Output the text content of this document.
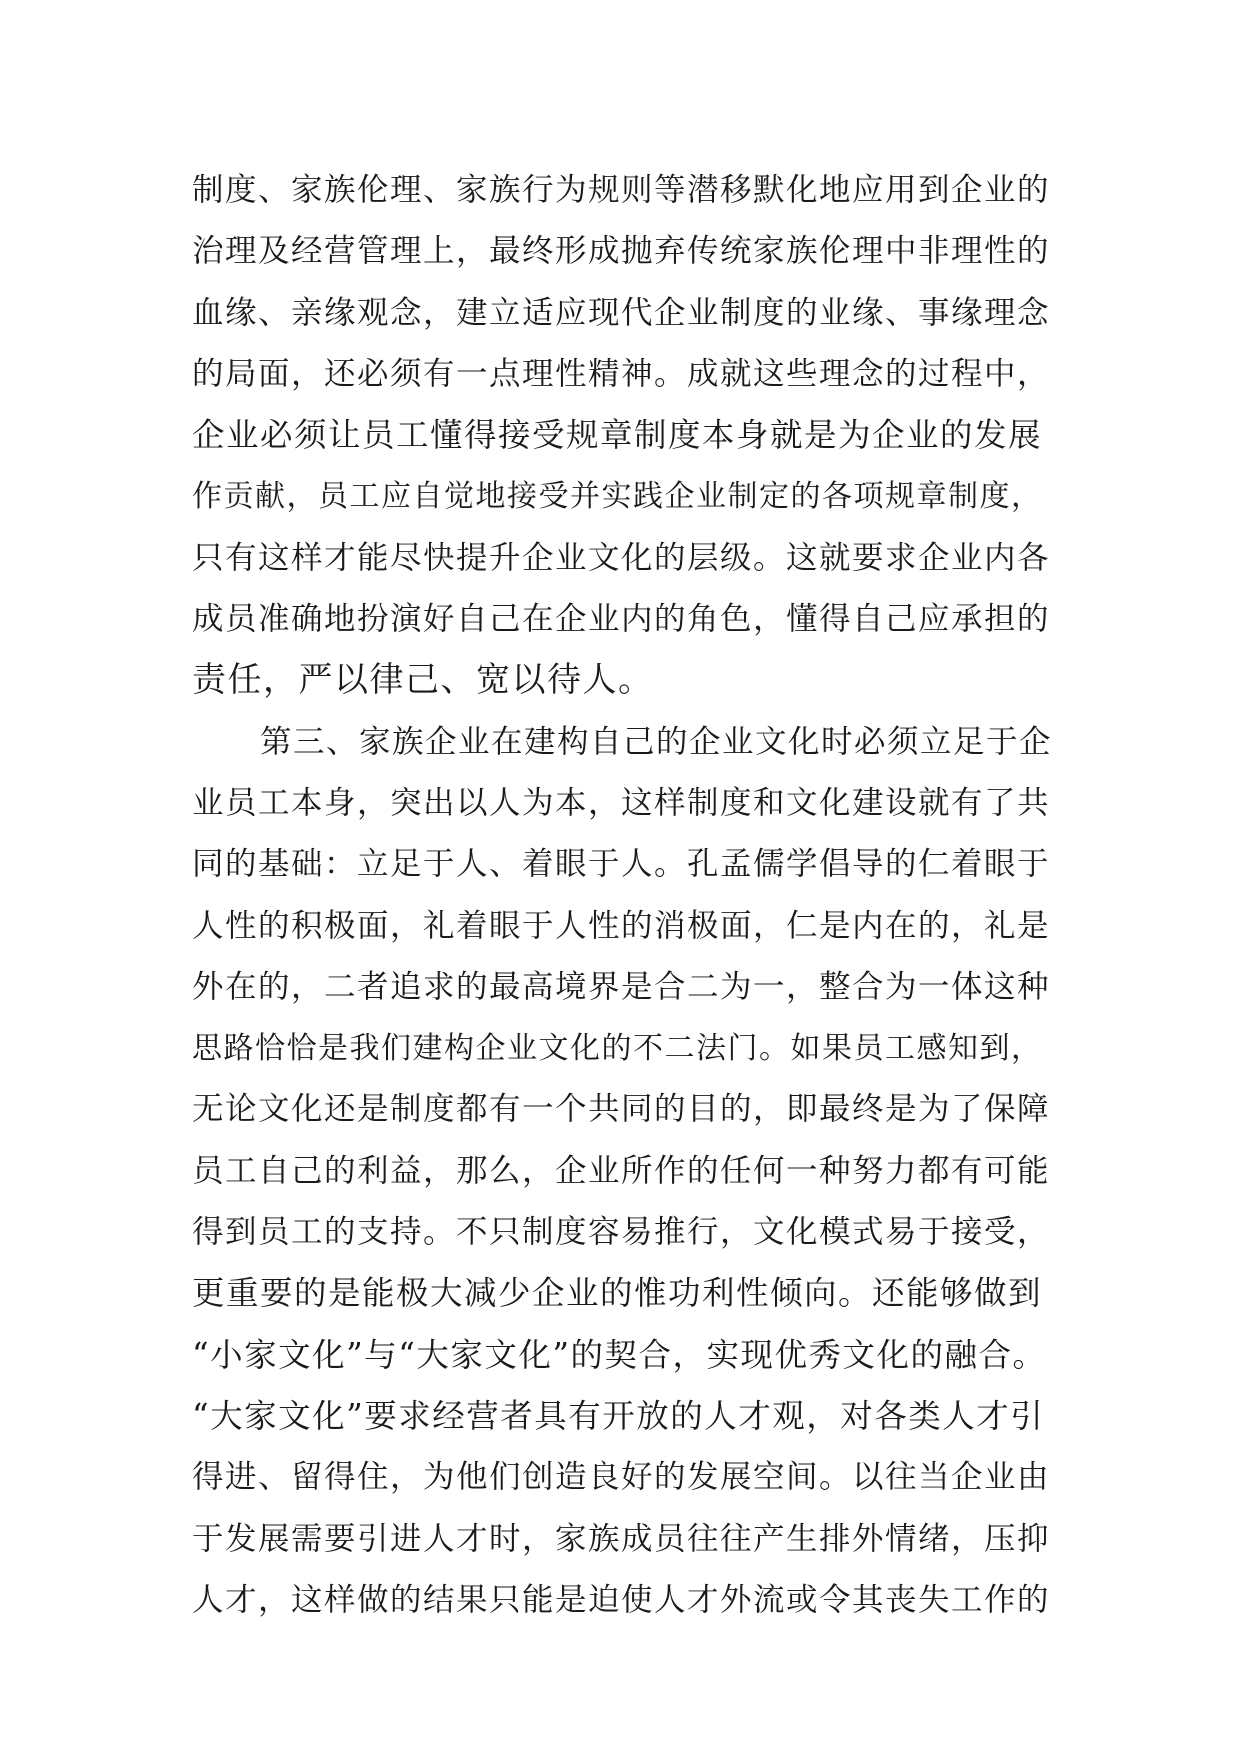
制度、家族伦理、家族行为规则等潜移默化地应用到企业的
治理及经营管理上，最终形成抛弃传统家族伦理中非理性的
血缘、亲缘观念，建立适应现代企业制度的业缘、事缘理念
的局面，还必须有一点理性精神。成就这些理念的过程中，
企业必须让员工懂得接受规章制度本身就是为企业的发展
作贡献，员工应自觉地接受并实践企业制定的各项规章制度，
只有这样才能尽快提升企业文化的层级。这就要求企业内各
成员准确地扮演好自己在企业内的角色，懂得自己应承担的
责任，严以律己、宽以待人。
第三、家族企业在建构自己的企业文化时必须立足于企
业员工本身，突出以人为本，这样制度和文化建设就有了共
同的基础：立足于人、着眼于人。孔孟儒学倡导的仁着眼于
人性的积极面，礼着眼于人性的消极面，仁是内在的，礼是
外在的，二者追求的最高境界是合二为一，整合为一体这种
思路恰恰是我们建构企业文化的不二法门。如果员工感知到，
无论文化还是制度都有一个共同的目的，即最终是为了保障
员工自己的利益，那么，企业所作的任何一种努力都有可能
得到员工的支持。不只制度容易推行，文化模式易于接受，
更重要的是能极大减少企业的惟功利性倾向。还能够做到
“小家文化”与“大家文化”的契合，实现优秀文化的融合。
“大家文化”要求经营者具有开放的人才观，对各类人才引
得进、留得住，为他们创造良好的发展空间。以往当企业由
于发展需要引进人才时，家族成员往往产生排外情绪，压抑
人才，这样做的结果只能是迫使人才外流或令其丧失工作的
